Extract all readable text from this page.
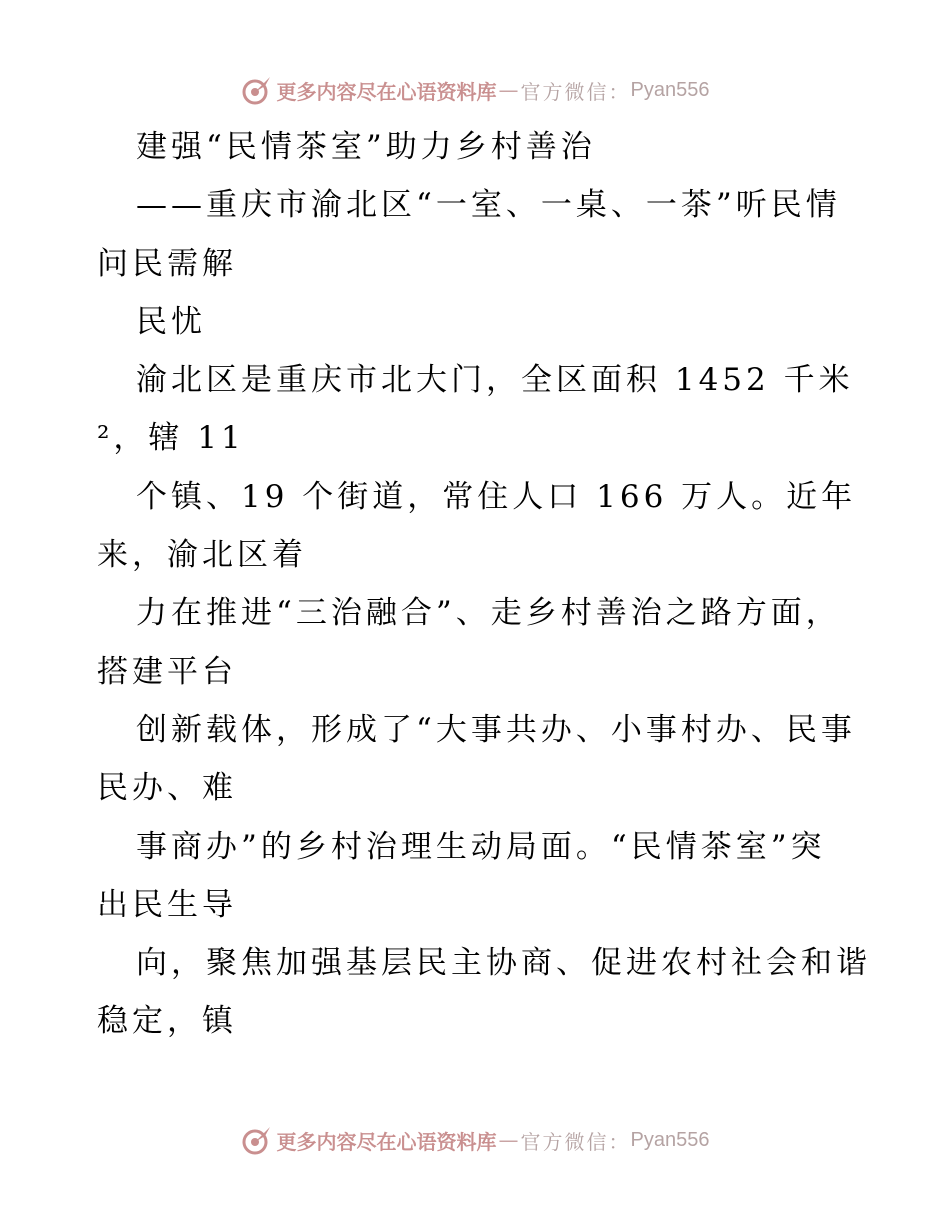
更多内容尽在心语资料库 — 官方微信： Pyan556
建强“民情茶室”助力乡村善治
——重庆市渝北区“一室、一桌、一茶”听民情
问民需解
民忧
渝北区是重庆市北大门，全区面积 1452 千米
²，辖 11
个镇、19 个街道，常住人口 166 万人。近年
来，渝北区着
力在推进“三治融合”、走乡村善治之路方面，
搭建平台
创新载体，形成了“大事共办、小事村办、民事
民办、难
事商办”的乡村治理生动局面。“民情茶室”突
出民生导
向，聚焦加强基层民主协商、促进农村社会和谐
稳定，镇
更多内容尽在心语资料库 — 官方微信： Pyan556
